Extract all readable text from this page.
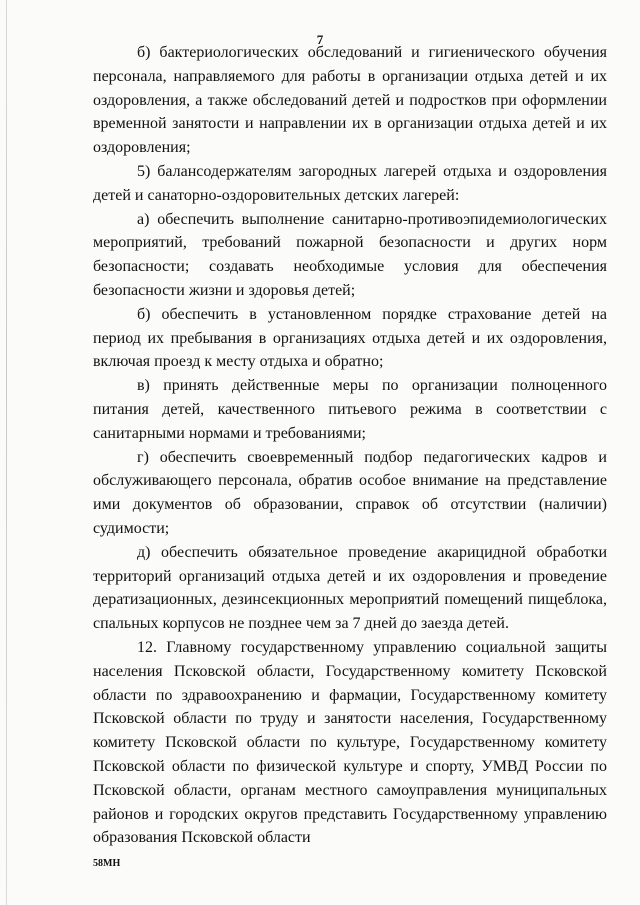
7

б) бактериологических обследований и гигиенического обучения персонала, направляемого для работы в организации отдыха детей и их оздоровления, а также обследований детей и подростков при оформлении временной занятости и направлении их в организации отдыха детей и их оздоровления;

5) балансодержателям загородных лагерей отдыха и оздоровления детей и санаторно-оздоровительных детских лагерей:

а) обеспечить выполнение санитарно-противоэпидемиологических мероприятий, требований пожарной безопасности и других норм безопасности; создавать необходимые условия для обеспечения безопасности жизни и здоровья детей;

б) обеспечить в установленном порядке страхование детей на период их пребывания в организациях отдыха детей и их оздоровления, включая проезд к месту отдыха и обратно;

в) принять действенные меры по организации полноценного питания детей, качественного питьевого режима в соответствии с санитарными нормами и требованиями;

г) обеспечить своевременный подбор педагогических кадров и обслуживающего персонала, обратив особое внимание на представление ими документов об образовании, справок об отсутствии (наличии) судимости;

д) обеспечить обязательное проведение акарицидной обработки территорий организаций отдыха детей и их оздоровления и проведение дератизационных, дезинсекционных мероприятий помещений пищеблока, спальных корпусов не позднее чем за 7 дней до заезда детей.

12. Главному государственному управлению социальной защиты населения Псковской области, Государственному комитету Псковской области по здравоохранению и фармации, Государственному комитету Псковской области по труду и занятости населения, Государственному комитету Псковской области по культуре, Государственному комитету Псковской области по физической культуре и спорту, УМВД России по Псковской области, органам местного самоуправления муниципальных районов и городских округов представить Государственному управлению образования Псковской области

58МН
